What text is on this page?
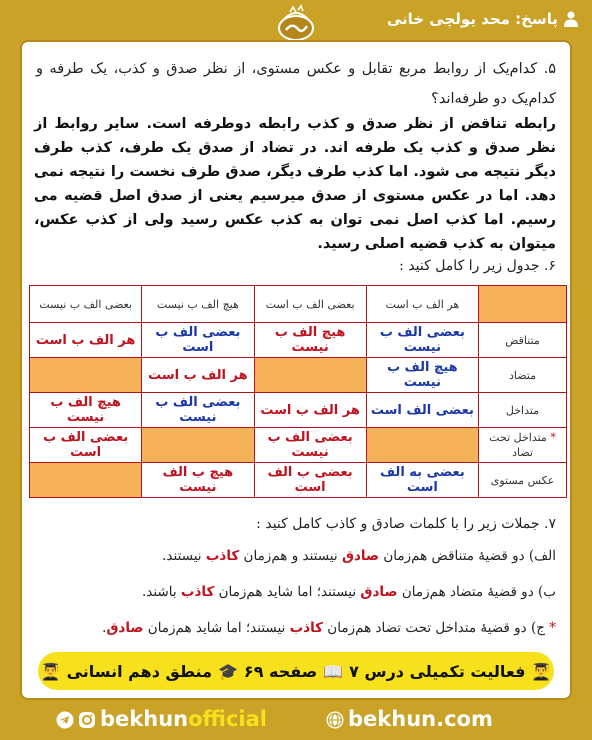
پاسخ: محد یولچی خانی
۵. کدام‌یک از روابط مربع تقابل و عکس مستوی، از نظر صدق و کذب، یک طرفه و کدام‌یک دو طرفه‌اند؟
رابطه تناقض از نظر صدق و کذب رابطه دوطرفه است. سایر روابط از نظر صدق و کذب یک طرفه اند. در تضاد از صدق یک طرف، کذب طرف دیگر نتیجه می شود. اما کذب طرف دیگر، صدق طرف نخست را نتیجه نمی دهد. اما در عکس مستوی از صدق میرسیم یعنی از صدق اصل قضیه می رسیم. اما کذب اصل نمی توان به کذب عکس رسید ولی از کذب عکس، میتوان به کذب قضیه اصلی رسید.
۶. جدول زیر را کامل کنید :
	هر الف ب است	بعضی الف ب است	هیچ الف ب نیست	بعضی الف ب نیست
متناقض	بعضی الف ب نیست	هیچ الف ب نیست	بعضی الف ب است	هر الف ب است
متضاد	هیچ الف ب نیست		هر الف ب است	
متداخل	بعضی الف است	هر الف ب است	بعضی الف ب نیست	هیچ الف ب نیست
* متداخل تحت تضاد		بعضی الف ب نیست		بعضی الف ب است
عکس مستوی	بعضی به الف است	بعضی ب الف است	هیچ ب الف نیست	
۷. جملات زیر را با کلمات صادق و کاذب کامل کنید :
الف) دو قضیهٔ متناقض هم‌زمان صادق نیستند و هم‌زمان کاذب نیستند.
ب) دو قضیهٔ متضاد هم‌زمان صادق نیستند؛ اما شاید هم‌زمان کاذب باشند.
* ج) دو قضیهٔ متداخل تحت تضاد هم‌زمان کاذب نیستند؛ اما شاید هم‌زمان صادق.
👨‍🎓
فعالیت تکمیلی درس ۷
📖
صفحه ۶۹
🎓
منطق دهم انسانی
👨‍🎓
bekhunofficial	bekhun.com
